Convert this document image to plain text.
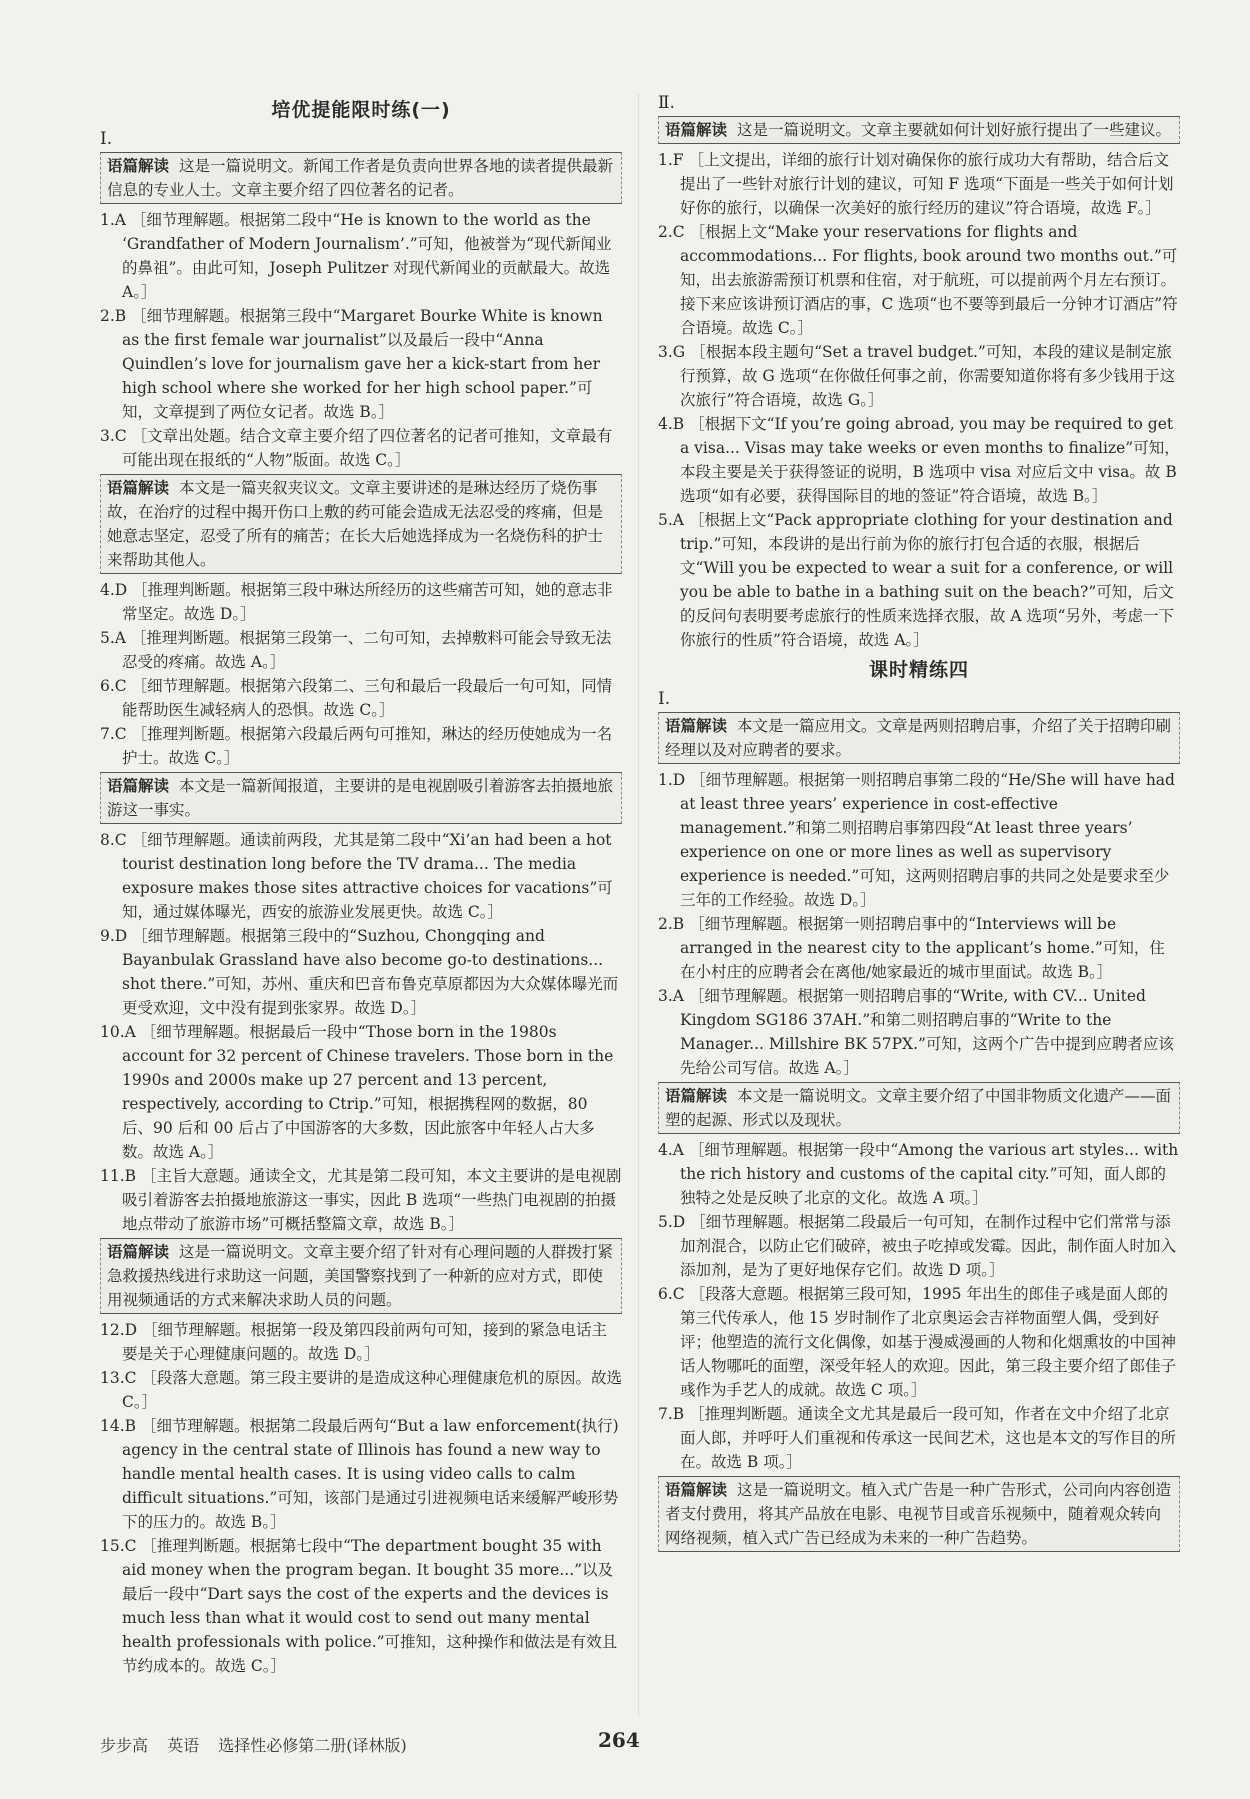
培优提能限时练(一)
Ⅰ.
语篇解读 这是一篇说明文。新闻工作者是负责向世界各地的读者提供最新信息的专业人士。文章主要介绍了四位著名的记者。

1.A ［细节理解题。根据第二段中“He is known to the world as the ‘Grandfather of Modern Journalism’.”可知，他被誉为“现代新闻业的鼻祖”。由此可知，Joseph Pulitzer 对现代新闻业的贡献最大。故选 A。］

2.B ［细节理解题。根据第三段中“Margaret Bourke White is known as the first female war journalist”以及最后一段中“Anna Quindlen’s love for journalism gave her a kick-start from her high school where she worked for her high school paper.”可知，文章提到了两位女记者。故选 B。］

3.C ［文章出处题。结合文章主要介绍了四位著名的记者可推知，文章最有可能出现在报纸的“人物”版面。故选 C。］

语篇解读 本文是一篇夹叙夹议文。文章主要讲述的是琳达经历了烧伤事故，在治疗的过程中揭开伤口上敷的药可能会造成无法忍受的疼痛，但是她意志坚定，忍受了所有的痛苦；在长大后她选择成为一名烧伤科的护士来帮助其他人。

4.D ［推理判断题。根据第三段中琳达所经历的这些痛苦可知，她的意志非常坚定。故选 D。］

5.A ［推理判断题。根据第三段第一、二句可知，去掉敷料可能会导致无法忍受的疼痛。故选 A。］

6.C ［细节理解题。根据第六段第二、三句和最后一段最后一句可知，同情能帮助医生减轻病人的恐惧。故选 C。］

7.C ［推理判断题。根据第六段最后两句可推知，琳达的经历使她成为一名护士。故选 C。］

语篇解读 本文是一篇新闻报道，主要讲的是电视剧吸引着游客去拍摄地旅游这一事实。

8.C ［细节理解题。通读前两段，尤其是第二段中“Xi’an had been a hot tourist destination long before the TV drama... The media exposure makes those sites attractive choices for vacations”可知，通过媒体曝光，西安的旅游业发展更快。故选 C。］

9.D ［细节理解题。根据第三段中的“Suzhou, Chongqing and Bayanbulak Grassland have also become go-to destinations... shot there.”可知，苏州、重庆和巴音布鲁克草原都因为大众媒体曝光而更受欢迎，文中没有提到张家界。故选 D。］

10.A ［细节理解题。根据最后一段中“Those born in the 1980s account for 32 percent of Chinese travelers. Those born in the 1990s and 2000s make up 27 percent and 13 percent, respectively, according to Ctrip.”可知，根据携程网的数据，80 后、90 后和 00 后占了中国游客的大多数，因此旅客中年轻人占大多数。故选 A。］

11.B ［主旨大意题。通读全文，尤其是第二段可知，本文主要讲的是电视剧吸引着游客去拍摄地旅游这一事实，因此 B 选项“一些热门电视剧的拍摄地点带动了旅游市场”可概括整篇文章，故选 B。］

语篇解读 这是一篇说明文。文章主要介绍了针对有心理问题的人群拨打紧急救援热线进行求助这一问题，美国警察找到了一种新的应对方式，即使用视频通话的方式来解决求助人员的问题。

12.D ［细节理解题。根据第一段及第四段前两句可知，接到的紧急电话主要是关于心理健康问题的。故选 D。］

13.C ［段落大意题。第三段主要讲的是造成这种心理健康危机的原因。故选 C。］

14.B ［细节理解题。根据第二段最后两句“But a law enforcement(执行) agency in the central state of Illinois has found a new way to handle mental health cases. It is using video calls to calm difficult situations.”可知，该部门是通过引进视频电话来缓解严峻形势下的压力的。故选 B。］

15.C ［推理判断题。根据第七段中“The department bought 35 with aid money when the program began. It bought 35 more...”以及最后一段中“Dart says the cost of the experts and the devices is much less than what it would cost to send out many mental health professionals with police.”可推知，这种操作和做法是有效且节约成本的。故选 C。］

Ⅱ.
语篇解读 这是一篇说明文。文章主要就如何计划好旅行提出了一些建议。

1.F ［上文提出，详细的旅行计划对确保你的旅行成功大有帮助，结合后文提出了一些针对旅行计划的建议，可知 F 选项“下面是一些关于如何计划好你的旅行，以确保一次美好的旅行经历的建议”符合语境，故选 F。］

2.C ［根据上文“Make your reservations for flights and accommodations... For flights, book around two months out.”可知，出去旅游需预订机票和住宿，对于航班，可以提前两个月左右预订。接下来应该讲预订酒店的事，C 选项“也不要等到最后一分钟才订酒店”符合语境。故选 C。］

3.G ［根据本段主题句“Set a travel budget.”可知，本段的建议是制定旅行预算，故 G 选项“在你做任何事之前，你需要知道你将有多少钱用于这次旅行”符合语境，故选 G。］

4.B ［根据下文“If you’re going abroad, you may be required to get a visa... Visas may take weeks or even months to finalize”可知，本段主要是关于获得签证的说明，B 选项中 visa 对应后文中 visa。故 B 选项“如有必要，获得国际目的地的签证”符合语境，故选 B。］

5.A ［根据上文“Pack appropriate clothing for your destination and trip.”可知，本段讲的是出行前为你的旅行打包合适的衣服，根据后文“Will you be expected to wear a suit for a conference, or will you be able to bathe in a bathing suit on the beach?”可知，后文的反问句表明要考虑旅行的性质来选择衣服，故 A 选项“另外，考虑一下你旅行的性质”符合语境，故选 A。］

课时精练四
Ⅰ.
语篇解读 本文是一篇应用文。文章是两则招聘启事，介绍了关于招聘印刷经理以及对应聘者的要求。

1.D ［细节理解题。根据第一则招聘启事第二段的“He/She will have had at least three years’ experience in cost-effective management.”和第二则招聘启事第四段“At least three years’ experience on one or more lines as well as supervisory experience is needed.”可知，这两则招聘启事的共同之处是要求至少三年的工作经验。故选 D。］

2.B ［细节理解题。根据第一则招聘启事中的“Interviews will be arranged in the nearest city to the applicant’s home.”可知，住在小村庄的应聘者会在离他/她家最近的城市里面试。故选 B。］

3.A ［细节理解题。根据第一则招聘启事的“Write, with CV... United Kingdom SG186 37AH.”和第二则招聘启事的“Write to the Manager... Millshire BK 57PX.”可知，这两个广告中提到应聘者应该先给公司写信。故选 A。］

语篇解读 本文是一篇说明文。文章主要介绍了中国非物质文化遗产——面塑的起源、形式以及现状。

4.A ［细节理解题。根据第一段中“Among the various art styles... with the rich history and customs of the capital city.”可知，面人郎的独特之处是反映了北京的文化。故选 A 项。］

5.D ［细节理解题。根据第二段最后一句可知，在制作过程中它们常常与添加剂混合，以防止它们破碎，被虫子吃掉或发霉。因此，制作面人时加入添加剂，是为了更好地保存它们。故选 D 项。］

6.C ［段落大意题。根据第三段可知，1995 年出生的郎佳子彧是面人郎的第三代传承人，他 15 岁时制作了北京奥运会吉祥物面塑人偶，受到好评；他塑造的流行文化偶像，如基于漫威漫画的人物和化烟熏妆的中国神话人物哪吒的面塑，深受年轻人的欢迎。因此，第三段主要介绍了郎佳子彧作为手艺人的成就。故选 C 项。］

7.B ［推理判断题。通读全文尤其是最后一段可知，作者在文中介绍了北京面人郎，并呼吁人们重视和传承这一民间艺术，这也是本文的写作目的所在。故选 B 项。］

语篇解读 这是一篇说明文。植入式广告是一种广告形式，公司向内容创造者支付费用，将其产品放在电影、电视节目或音乐视频中，随着观众转向网络视频，植入式广告已经成为未来的一种广告趋势。
步步高 英语 选择性必修第二册(译林版)	264
